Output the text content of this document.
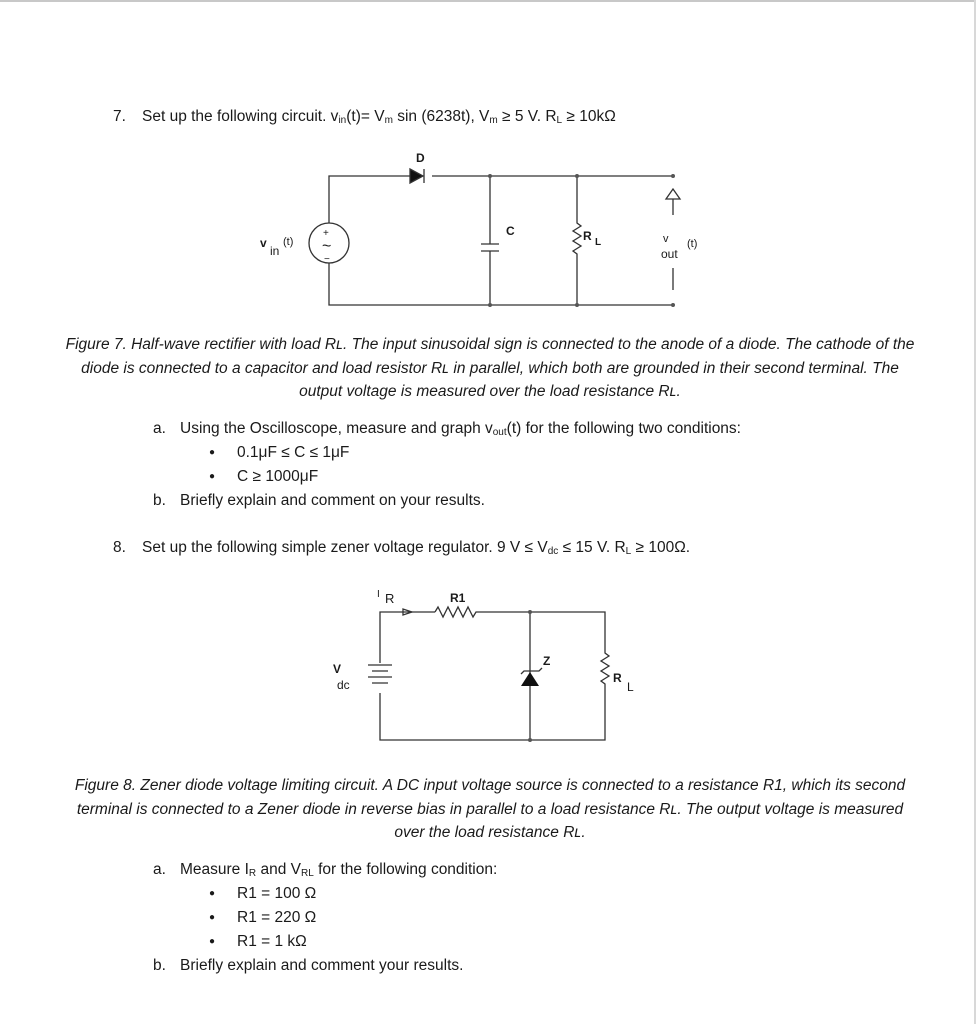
7. Set up the following circuit. $v_{in}(t)= V_m$ sin (6238t), $V_m \ge 5$ V. $R_L \ge 10k\Omega$
+
~
−
D
C	R L
v
in
(t)	v
out
(t)
I R	R1
V
dc
Z
R
L
Figure 7. Half-wave rectifier with load Rʟ. The input sinusoidal sign is connected to the anode of a diode. The cathode of the diode is connected to a capacitor and load resistor Rʟ in parallel, which both are grounded in their second terminal. The output voltage is measured over the load resistance Rʟ.
a. Using the Oscilloscope, measure and graph $v_{out}(t)$ for the following two conditions:
● 0.1μF ≤ C ≤ 1μF
● C ≥ 1000μF
b. Briefly explain and comment on your results.
8. Set up the following simple zener voltage regulator. 9 $V \le V_{dc} \le 15$ V. $R_L \ge 100\Omega$.
Figure 8. Zener diode voltage limiting circuit. A DC input voltage source is connected to a resistance R1, which its second terminal is connected to a Zener diode in reverse bias in parallel to a load resistance Rʟ. The output voltage is measured over the load resistance Rʟ.
a. Measure $I_R$ and $V_{RL}$ for the following condition:
● R1 = 100 Ω
● R1 = 220 Ω
● R1 = 1 kΩ
b. Briefly explain and comment your results.
